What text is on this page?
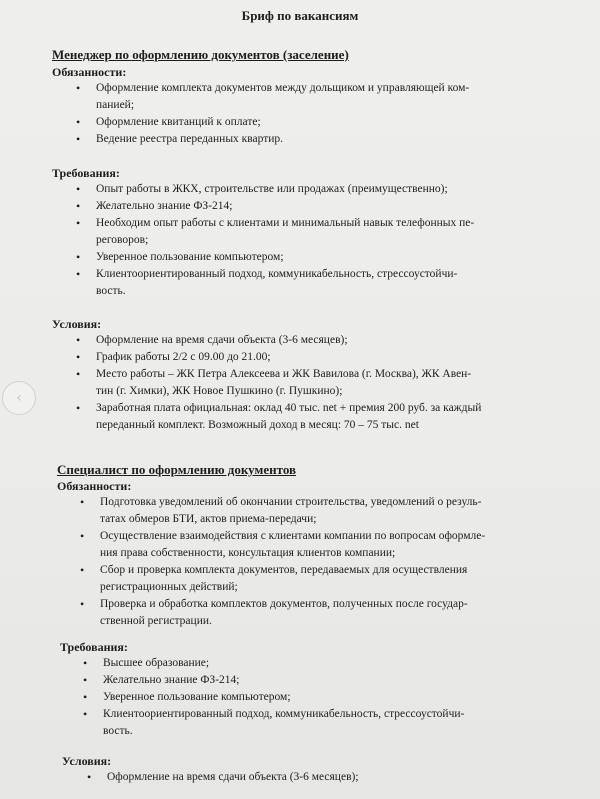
Бриф по вакансиям
Менеджер по оформлению документов (заселение)
Обязанности:
• Оформление комплекта документов между дольщиком и управляющей ком-
панией;
• Оформление квитанций к оплате;
• Ведение реестра переданных квартир.
Требования:
• Опыт работы в ЖКХ, строительстве или продажах (преимущественно);
• Желательно знание ФЗ-214;
• Необходим опыт работы с клиентами и минимальный навык телефонных пе-
реговоров;
• Уверенное пользование компьютером;
• Клиентоориентированный подход, коммуникабельность, стрессоустойчи-
вость.
Условия:
• Оформление на время сдачи объекта (3-6 месяцев);
• График работы 2/2 с 09.00 до 21.00;
• Место работы – ЖК Петра Алексеева и ЖК Вавилова (г. Москва), ЖК Авен-
тин (г. Химки), ЖК Новое Пушкино (г. Пушкино);
• Заработная плата официальная: оклад 40 тыс. net + премия 200 руб. за каждый
переданный комплект. Возможный доход в месяц: 70 – 75 тыс. net
Специалист по оформлению документов
Обязанности:
• Подготовка уведомлений об окончании строительства, уведомлений о резуль-
татах обмеров БТИ, актов приема-передачи;
• Осуществление взаимодействия с клиентами компании по вопросам оформле-
ния права собственности, консультация клиентов компании;
• Сбор и проверка комплекта документов, передаваемых для осуществления
регистрационных действий;
• Проверка и обработка комплектов документов, полученных после государ-
ственной регистрации.
Требования:
• Высшее образование;
• Желательно знание ФЗ-214;
• Уверенное пользование компьютером;
• Клиентоориентированный подход, коммуникабельность, стрессоустойчи-
вость.
Условия:
• Оформление на время сдачи объекта (3-6 месяцев);
‹
